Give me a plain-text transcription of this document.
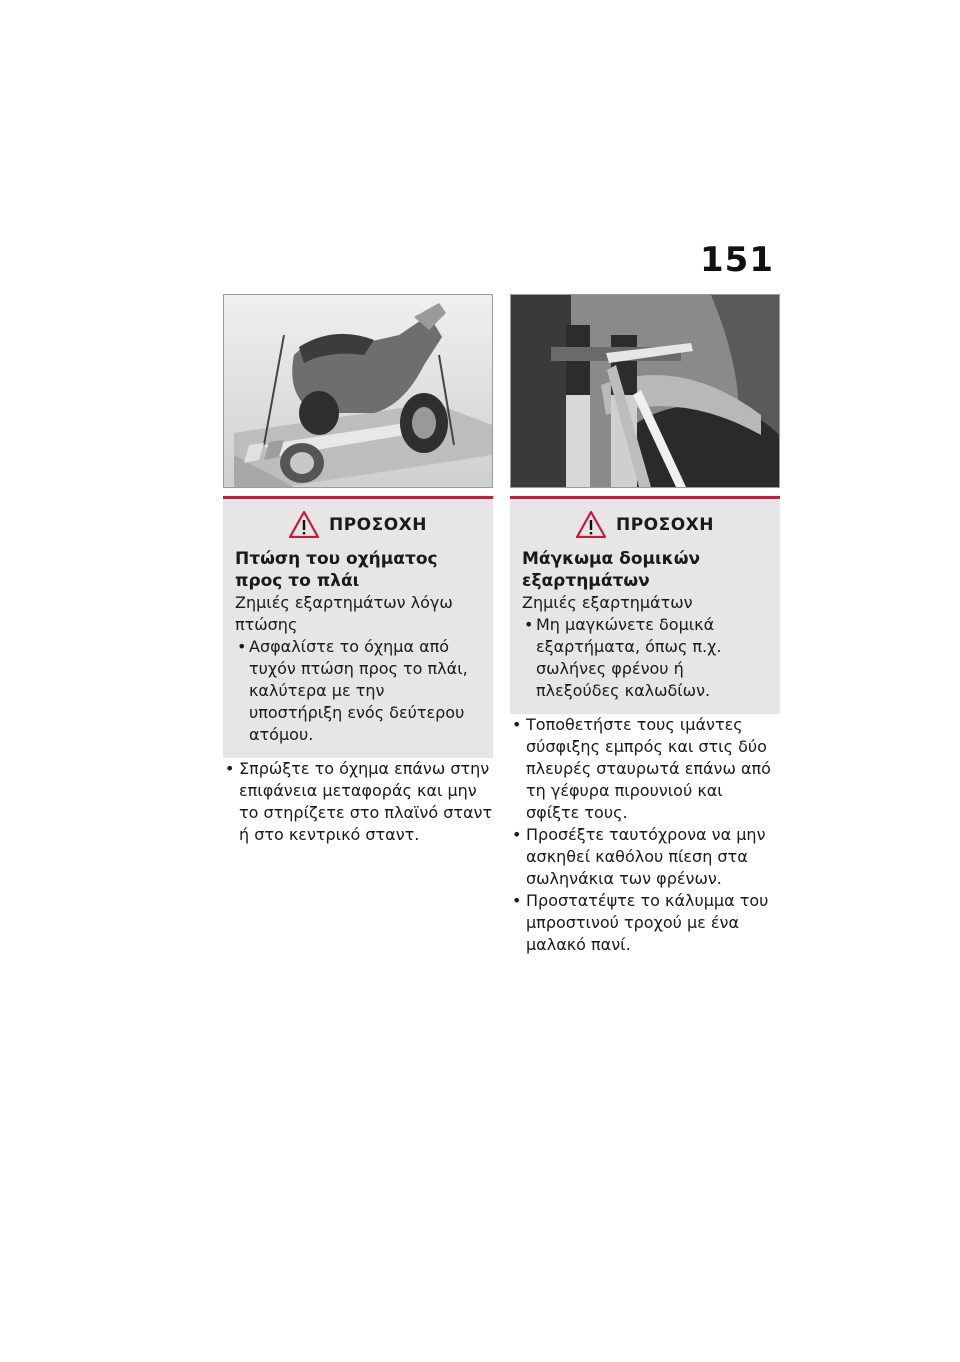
151
ΠΡΟΣΟΧΗ
Πτώση του οχήματος προς το πλάι
Ζημιές εξαρτημάτων λόγω πτώσης
• Ασφαλίστε το όχημα από τυχόν πτώση προς το πλάι, καλύτερα με την υποστήριξη ενός δεύτερου ατόμου.
• Σπρώξτε το όχημα επάνω στην επιφάνεια μεταφοράς και μην το στηρίζετε στο πλαϊνό σταντ ή στο κεντρικό σταντ.
ΠΡΟΣΟΧΗ
Μάγκωμα δομικών εξαρτημάτων
Ζημιές εξαρτημάτων
• Μη μαγκώνετε δομικά εξαρτήματα, όπως π.χ. σωλήνες φρένου ή πλεξούδες καλωδίων.
• Τοποθετήστε τους ιμάντες σύσφιξης εμπρός και στις δύο πλευρές σταυρωτά επάνω από τη γέφυρα πιρουνιού και σφίξτε τους.
• Προσέξτε ταυτόχρονα να μην ασκηθεί καθόλου πίεση στα σωληνάκια των φρένων.
• Προστατέψτε το κάλυμμα του μπροστινού τροχού με ένα μαλακό πανί.
